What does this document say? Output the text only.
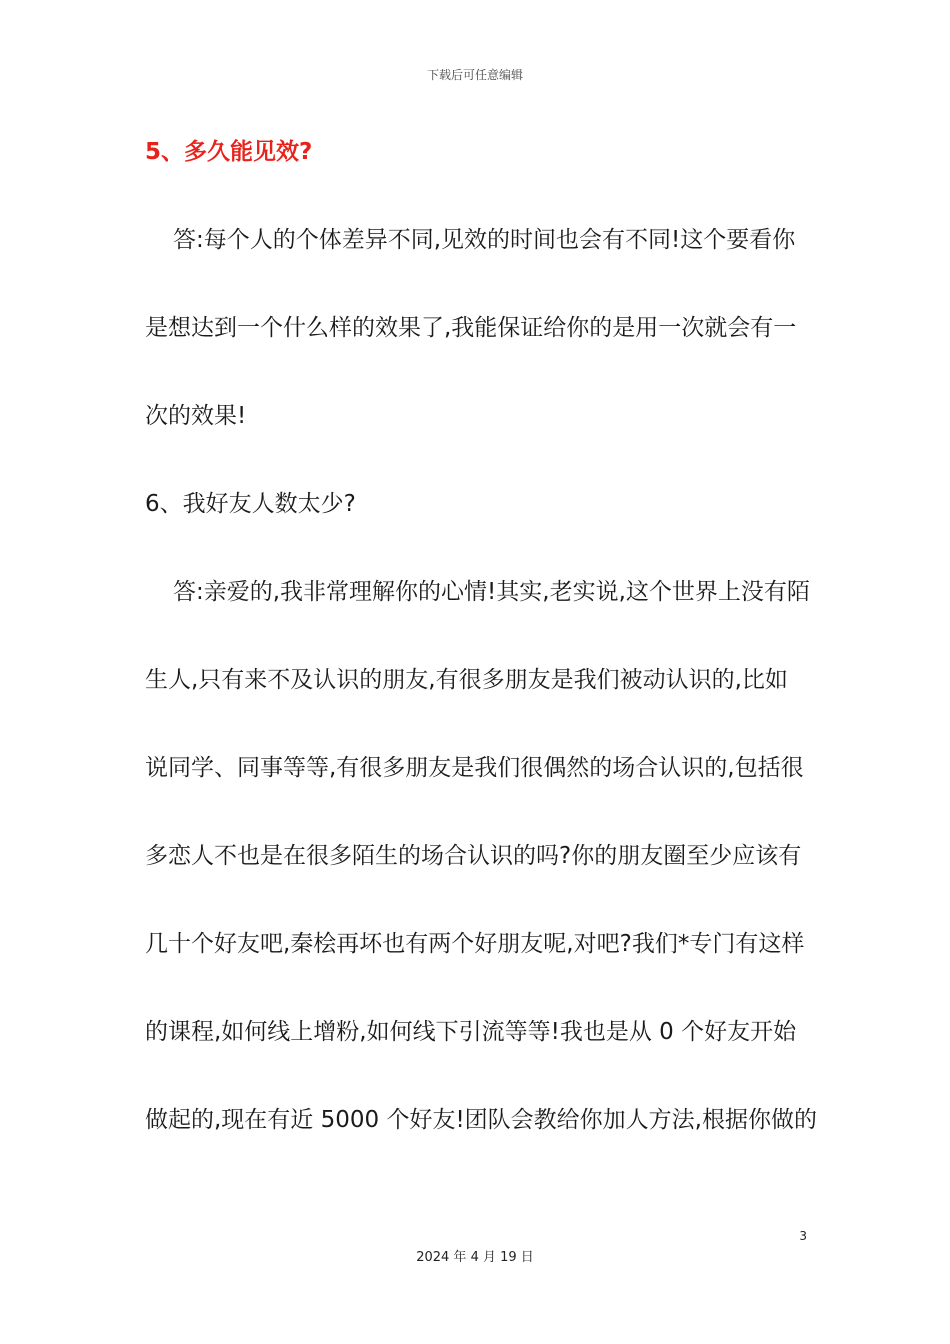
下载后可任意编辑
5、多久能见效?
答:每个人的个体差异不同,见效的时间也会有不同!这个要看你
是想达到一个什么样的效果了,我能保证给你的是用一次就会有一
次的效果!
6、我好友人数太少?
答:亲爱的,我非常理解你的心情!其实,老实说,这个世界上没有陌
生人,只有来不及认识的朋友,有很多朋友是我们被动认识的,比如
说同学、同事等等,有很多朋友是我们很偶然的场合认识的,包括很
多恋人不也是在很多陌生的场合认识的吗?你的朋友圈至少应该有
几十个好友吧,秦桧再坏也有两个好朋友呢,对吧?我们*专门有这样
的课程,如何线上增粉,如何线下引流等等!我也是从 0 个好友开始
做起的,现在有近 5000 个好友!团队会教给你加人方法,根据你做的
3
2024 年 4 月 19 日
